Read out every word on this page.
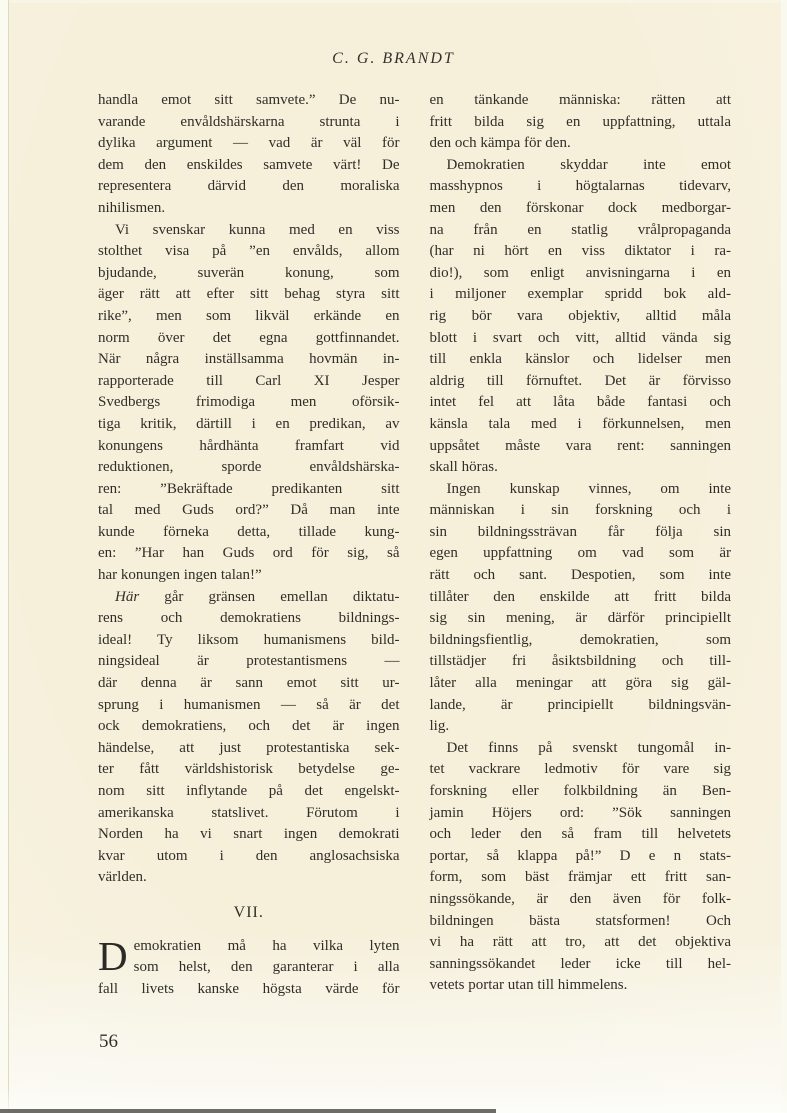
C. G. BRANDT
handla emot sitt samvete.” De nu-
varande envåldshärskarna strunta i
dylika argument — vad är väl för
dem den enskildes samvete värt! De
representera därvid den moraliska
nihilismen.
Vi svenskar kunna med en viss
stolthet visa på ”en envålds, allom
bjudande, suverän konung, som
äger rätt att efter sitt behag styra sitt
rike”, men som likväl erkände en
norm över det egna gottfinnandet.
När några inställsamma hovmän in-
rapporterade till Carl XI Jesper
Svedbergs frimodiga men oförsik-
tiga kritik, därtill i en predikan, av
konungens hårdhänta framfart vid
reduktionen, sporde envåldshärska-
ren: ”Bekräftade predikanten sitt
tal med Guds ord?” Då man inte
kunde förneka detta, tillade kung-
en: ”Har han Guds ord för sig, så
har konungen ingen talan!”
Här går gränsen emellan diktatu-
rens och demokratiens bildnings-
ideal! Ty liksom humanismens bild-
ningsideal är protestantismens —
där denna är sann emot sitt ur-
sprung i humanismen — så är det
ock demokratiens, och det är ingen
händelse, att just protestantiska sek-
ter fått världshistorisk betydelse ge-
nom sitt inflytande på det engelskt-
amerikanska statslivet. Förutom i
Norden ha vi snart ingen demokrati
kvar utom i den anglosachsiska
världen.
VII.
D emokratien må ha vilka lyten
som helst, den garanterar i alla
fall livets kanske högsta värde för
en tänkande människa: rätten att
fritt bilda sig en uppfattning, uttala
den och kämpa för den.
Demokratien skyddar inte emot
masshypnos i högtalarnas tidevarv,
men den förskonar dock medborgar-
na från en statlig vrålpropaganda
(har ni hört en viss diktator i ra-
dio!), som enligt anvisningarna i en
i miljoner exemplar spridd bok ald-
rig bör vara objektiv, alltid måla
blott i svart och vitt, alltid vända sig
till enkla känslor och lidelser men
aldrig till förnuftet. Det är förvisso
intet fel att låta både fantasi och
känsla tala med i förkunnelsen, men
uppsåtet måste vara rent: sanningen
skall höras.
Ingen kunskap vinnes, om inte
människan i sin forskning och i
sin bildningssträvan får följa sin
egen uppfattning om vad som är
rätt och sant. Despotien, som inte
tillåter den enskilde att fritt bilda
sig sin mening, är därför principiellt
bildningsfientlig, demokratien, som
tillstädjer fri åsiktsbildning och till-
låter alla meningar att göra sig gäl-
lande, är principiellt bildningsvän-
lig.
Det finns på svenskt tungomål in-
tet vackrare ledmotiv för vare sig
forskning eller folkbildning än Ben-
jamin Höjers ord: ”Sök sanningen
och leder den så fram till helvetets
portar, så klappa på!” D e n stats-
form, som bäst främjar ett fritt san-
ningssökande, är den även för folk-
bildningen bästa statsformen! Och
vi ha rätt att tro, att det objektiva
sanningssökandet leder icke till hel-
vetets portar utan till himmelens.
56
